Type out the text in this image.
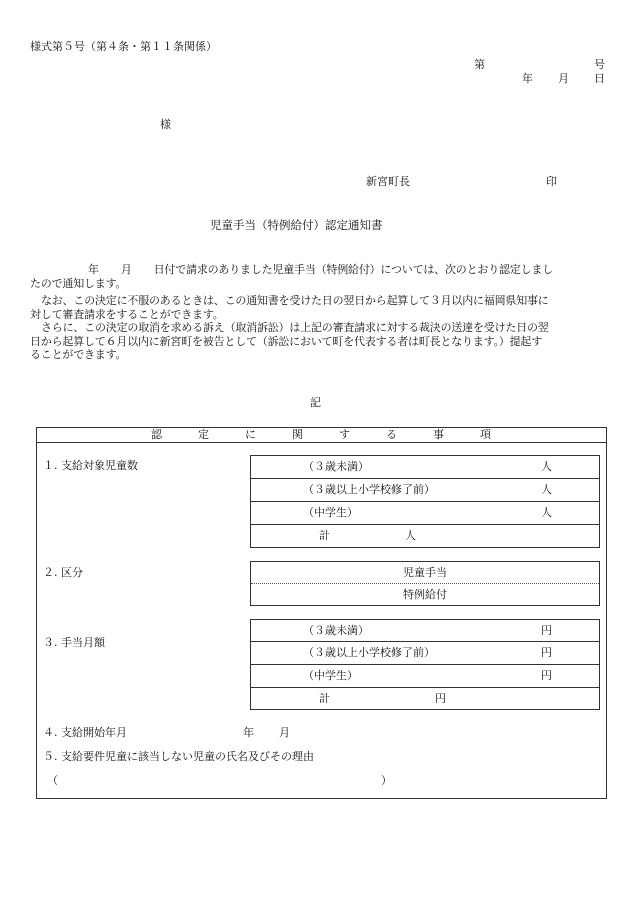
様式第５号（第４条・第１１条関係）
第	号
年 月 日
様
新宮町長	印
児童手当（特例給付）認定通知書
年 月 日付で請求のありました児童手当（特例給付）については、次のとおり認定しまし
たので通知します。
なお、この決定に不服のあるときは、この通知書を受けた日の翌日から起算して３月以内に福岡県知事に
対して審査請求をすることができます。
さらに、この決定の取消を求める訴え（取消訴訟）は上記の審査請求に対する裁決の送達を受けた日の翌
日から起算して６月以内に新宮町を被告として（訴訟において町を代表する者は町長となります。）提起す
ることができます。
記
認	定	に	関	す	る	事	項
１. 支給対象児童数	（３歳未満）	人
（３歳以上小学校修了前）	人
（中学生）	人
計	人
２. 区分	児童手当
特例給付
３. 手当月額
（３歳未満）	円
（３歳以上小学校修了前）	円
（中学生）	円
計	円
４. 支給開始年月	年 月
５. 支給要件児童に該当しない児童の氏名及びその理由
（	）
